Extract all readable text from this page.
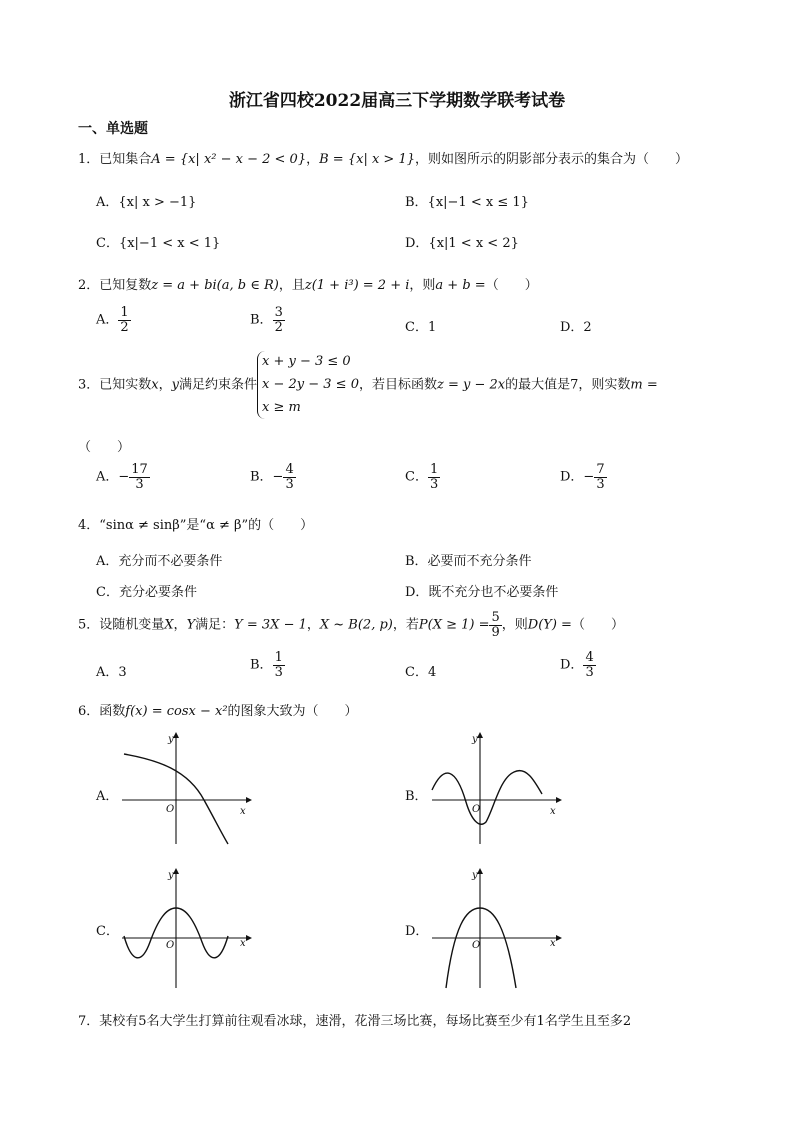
浙江省四校2022届高三下学期数学联考试卷
一、单选题
1．已知集合A = {x| x² − x − 2 < 0}，B = {x| x > 1}，则如图所示的阴影部分表示的集合为（　　）
A．{x| x > −1}	B．{x|−1 < x ≤ 1}
C．{x|−1 < x < 1}	D．{x|1 < x < 2}
2．已知复数z = a + bi(a, b ∈ R)，且z(1 + i³) = 2 + i，则a + b =（　　）
A． $\frac{1}{2}$	B． $\frac{3}{2}$	C．1	D．2
3．已知实数x，y满足约束条件
x + y − 3 ≤ 0
x − 2y − 3 ≤ 0
x ≥ m
，若目标函数z = y − 2x的最大值是7，则实数m =
（　　）
A．− $\frac{17}{3}$	B．− $\frac{4}{3}$	C． $\frac{1}{3}$	D．− $\frac{7}{3}$
4．“sinα ≠ sinβ”是“α ≠ β”的（　　）
A．充分而不必要条件	B．必要而不充分条件
C．充分必要条件	D．既不充分也不必要条件
5．设随机变量X，Y满足：Y = 3X − 1，X ~ B(2, p)，若$P(X \ge 1) = \frac{5}{9}$ ，则D(Y) =（　　）
A．3	B． $\frac{1}{3}$	C．4	D． $\frac{4}{3}$
6．函数f(x) = cosx − x²的图象大致为（　　）
A．
x
y
O
B．
x
y
O
C．
x
y
O
D．
x
y
O
7．某校有5名大学生打算前往观看冰球，速滑，花滑三场比赛，每场比赛至少有1名学生且至多2
